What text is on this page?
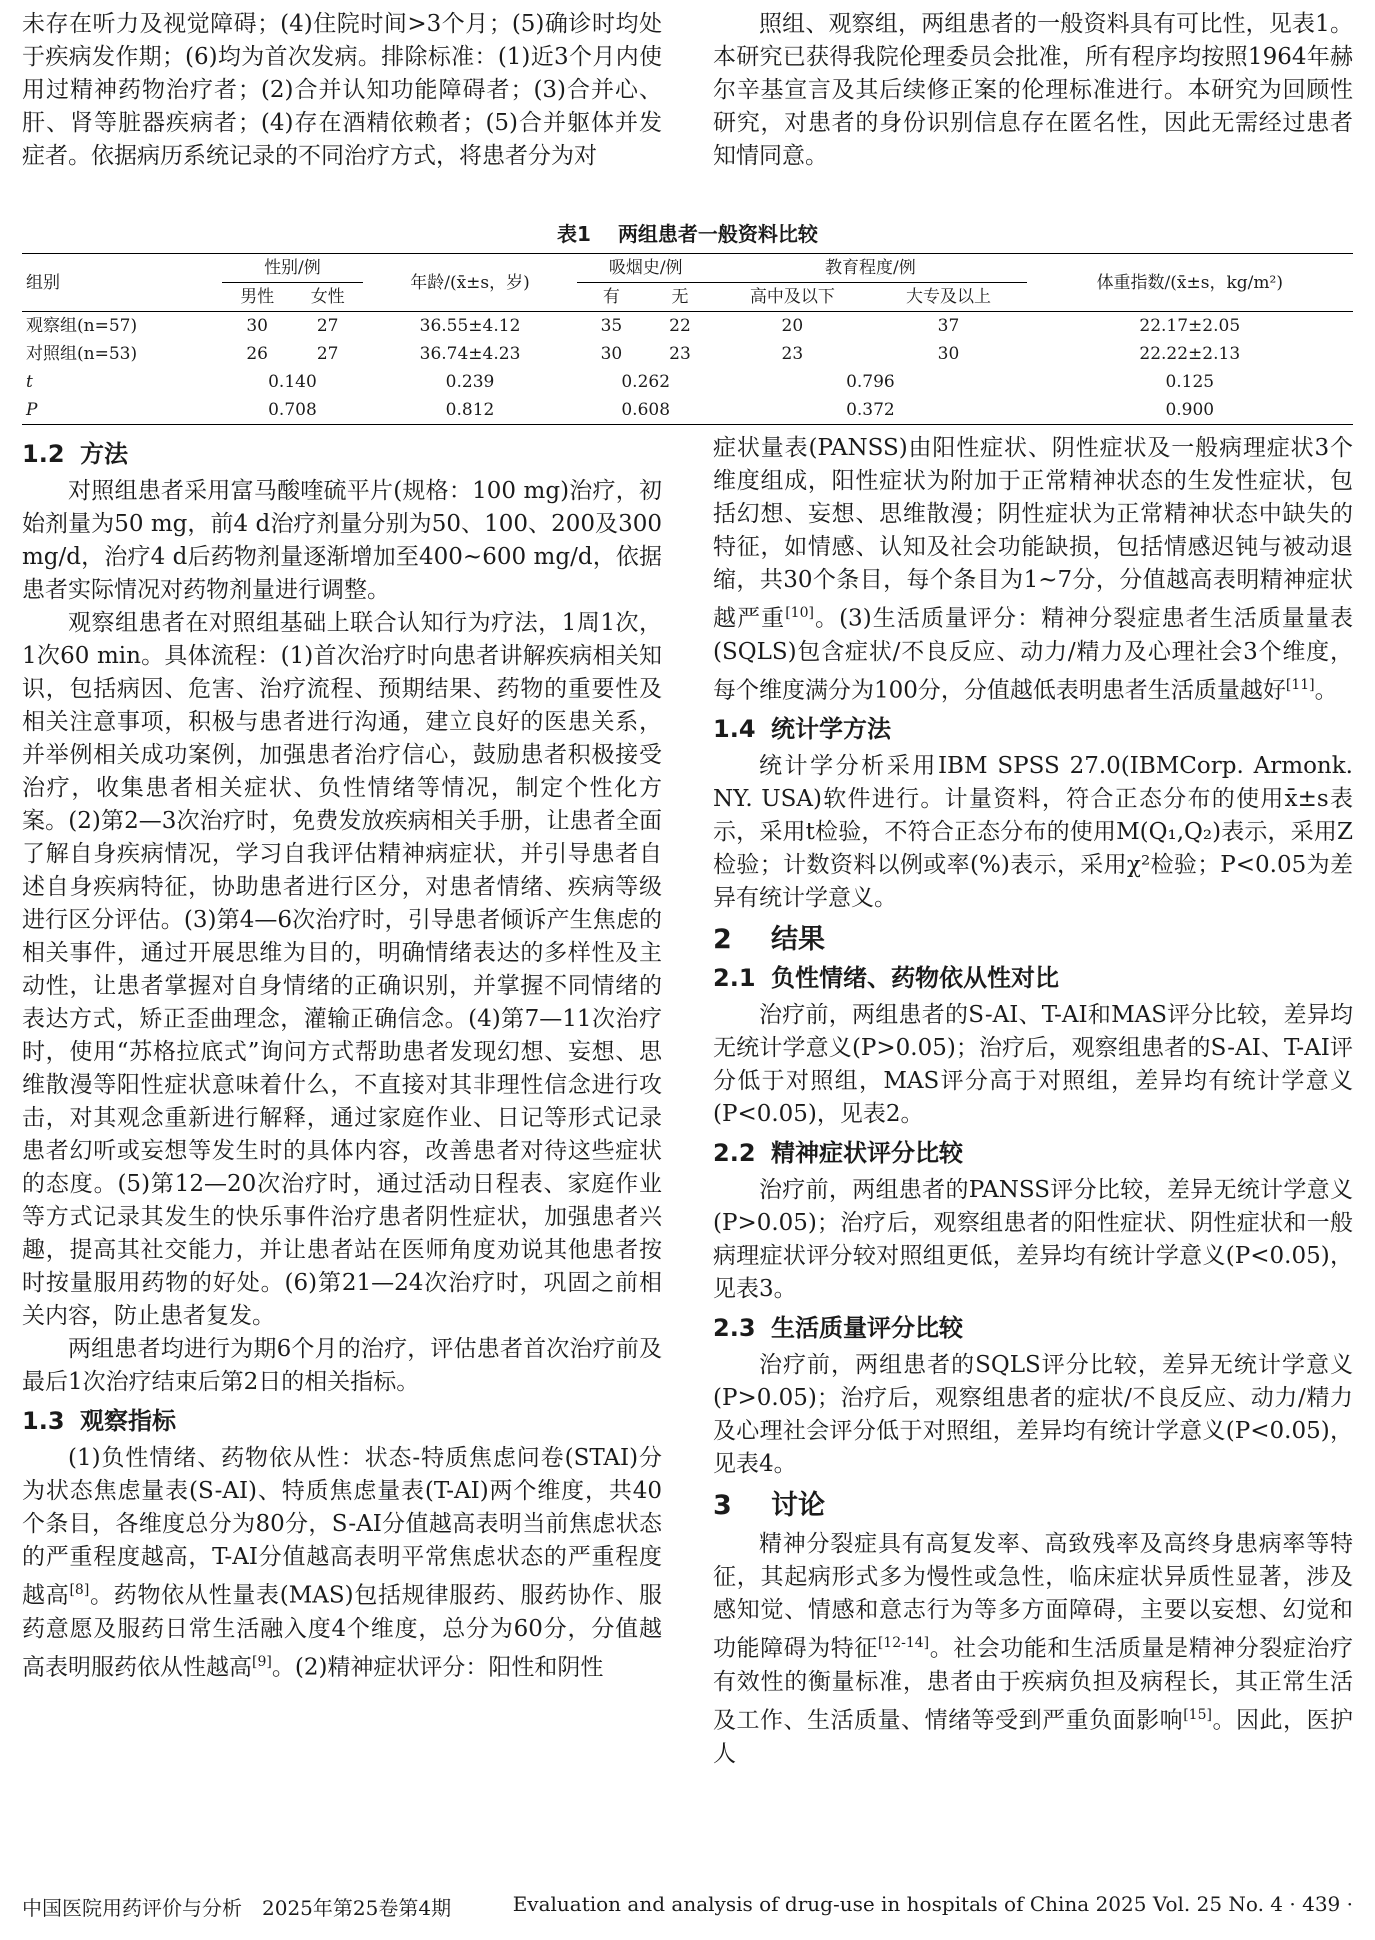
未存在听力及视觉障碍；(4)住院时间>3个月；(5)确诊时均处于疾病发作期；(6)均为首次发病。排除标准：(1)近3个月内使用过精神药物治疗者；(2)合并认知功能障碍者；(3)合并心、肝、肾等脏器疾病者；(4)存在酒精依赖者；(5)合并躯体并发症者。依据病历系统记录的不同治疗方式，将患者分为对

照组、观察组，两组患者的一般资料具有可比性，见表1。本研究已获得我院伦理委员会批准，所有程序均按照1964年赫尔辛基宣言及其后续修正案的伦理标准进行。本研究为回顾性研究，对患者的身份识别信息存在匿名性，因此无需经过患者知情同意。

表1 两组患者一般资料比较
组别	性别/例		年龄/(x̄±s，岁)	吸烟史/例		教育程度/例		体重指数/(x̄±s，kg/m²)
	男性	女性		有	无	高中及以下	大专及以上	
观察组(n=57)	30	27	36.55±4.12	35	22	20	37	22.17±2.05
对照组(n=53)	26	27	36.74±4.23	30	23	23	30	22.22±2.13
t	0.140		0.239	0.262		0.796		0.125
P	0.708		0.812	0.608		0.372		0.900
1.2 方法

对照组患者采用富马酸喹硫平片(规格：100 mg)治疗，初始剂量为50 mg，前4 d治疗剂量分别为50、100、200及300 mg/d，治疗4 d后药物剂量逐渐增加至400~600 mg/d，依据患者实际情况对药物剂量进行调整。

观察组患者在对照组基础上联合认知行为疗法，1周1次，1次60 min。具体流程：(1)首次治疗时向患者讲解疾病相关知识，包括病因、危害、治疗流程、预期结果、药物的重要性及相关注意事项，积极与患者进行沟通，建立良好的医患关系，并举例相关成功案例，加强患者治疗信心，鼓励患者积极接受治疗，收集患者相关症状、负性情绪等情况，制定个性化方案。(2)第2—3次治疗时，免费发放疾病相关手册，让患者全面了解自身疾病情况，学习自我评估精神病症状，并引导患者自述自身疾病特征，协助患者进行区分，对患者情绪、疾病等级进行区分评估。(3)第4—6次治疗时，引导患者倾诉产生焦虑的相关事件，通过开展思维为目的，明确情绪表达的多样性及主动性，让患者掌握对自身情绪的正确识别，并掌握不同情绪的表达方式，矫正歪曲理念，灌输正确信念。(4)第7—11次治疗时，使用“苏格拉底式”询问方式帮助患者发现幻想、妄想、思维散漫等阳性症状意味着什么，不直接对其非理性信念进行攻击，对其观念重新进行解释，通过家庭作业、日记等形式记录患者幻听或妄想等发生时的具体内容，改善患者对待这些症状的态度。(5)第12—20次治疗时，通过活动日程表、家庭作业等方式记录其发生的快乐事件治疗患者阴性症状，加强患者兴趣，提高其社交能力，并让患者站在医师角度劝说其他患者按时按量服用药物的好处。(6)第21—24次治疗时，巩固之前相关内容，防止患者复发。

两组患者均进行为期6个月的治疗，评估患者首次治疗前及最后1次治疗结束后第2日的相关指标。

1.3 观察指标

(1)负性情绪、药物依从性：状态-特质焦虑问卷(STAI)分为状态焦虑量表(S-AI)、特质焦虑量表(T-AI)两个维度，共40个条目，各维度总分为80分，S-AI分值越高表明当前焦虑状态的严重程度越高，T-AI分值越高表明平常焦虑状态的严重程度越高[8]。药物依从性量表(MAS)包括规律服药、服药协作、服药意愿及服药日常生活融入度4个维度，总分为60分，分值越高表明服药依从性越高[9]。(2)精神症状评分：阳性和阴性

症状量表(PANSS)由阳性症状、阴性症状及一般病理症状3个维度组成，阳性症状为附加于正常精神状态的生发性症状，包括幻想、妄想、思维散漫；阴性症状为正常精神状态中缺失的特征，如情感、认知及社会功能缺损，包括情感迟钝与被动退缩，共30个条目，每个条目为1~7分，分值越高表明精神症状越严重[10]。(3)生活质量评分：精神分裂症患者生活质量量表(SQLS)包含症状/不良反应、动力/精力及心理社会3个维度，每个维度满分为100分，分值越低表明患者生活质量越好[11]。

1.4 统计学方法

统计学分析采用IBM SPSS 27.0(IBMCorp. Armonk. NY. USA)软件进行。计量资料，符合正态分布的使用x̄±s表示，采用t检验，不符合正态分布的使用M(Q₁,Q₂)表示，采用Z检验；计数资料以例或率(%)表示，采用χ²检验；P<0.05为差异有统计学意义。

2 结果
2.1 负性情绪、药物依从性对比

治疗前，两组患者的S-AI、T-AI和MAS评分比较，差异均无统计学意义(P>0.05)；治疗后，观察组患者的S-AI、T-AI评分低于对照组，MAS评分高于对照组，差异均有统计学意义(P<0.05)，见表2。

2.2 精神症状评分比较

治疗前，两组患者的PANSS评分比较，差异无统计学意义(P>0.05)；治疗后，观察组患者的阳性症状、阴性症状和一般病理症状评分较对照组更低，差异均有统计学意义(P<0.05)，见表3。

2.3 生活质量评分比较

治疗前，两组患者的SQLS评分比较，差异无统计学意义(P>0.05)；治疗后，观察组患者的症状/不良反应、动力/精力及心理社会评分低于对照组，差异均有统计学意义(P<0.05)，见表4。

3 讨论

精神分裂症具有高复发率、高致残率及高终身患病率等特征，其起病形式多为慢性或急性，临床症状异质性显著，涉及感知觉、情感和意志行为等多方面障碍，主要以妄想、幻觉和功能障碍为特征[12-14]。社会功能和生活质量是精神分裂症治疗有效性的衡量标准，患者由于疾病负担及病程长，其正常生活及工作、生活质量、情绪等受到严重负面影响[15]。因此，医护人

中国医院用药评价与分析　2025年第25卷第4期	Evaluation and analysis of drug-use in hospitals of China 2025 Vol. 25 No. 4 · 439 ·
